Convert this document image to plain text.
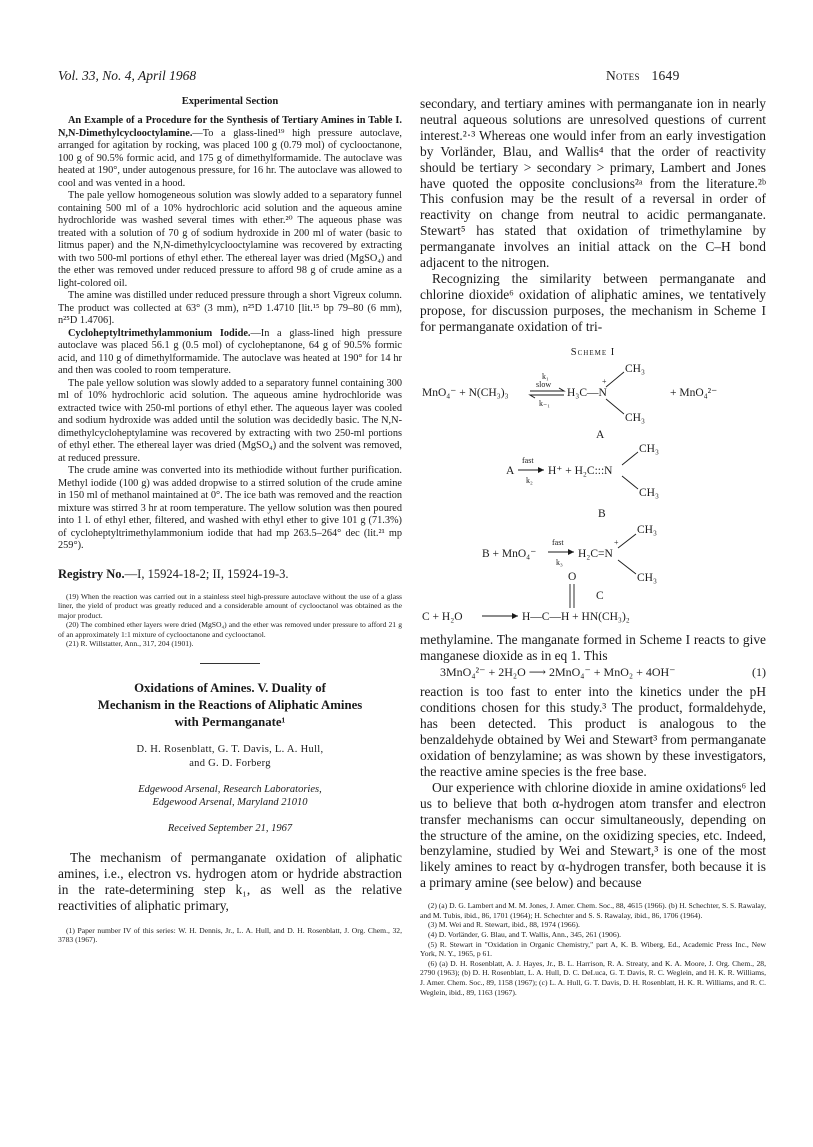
Vol. 33, No. 4, April 1968	Notes 1649
Experimental Section

An Example of a Procedure for the Synthesis of Tertiary Amines in Table I. N,N-Dimethylcyclooctylamine.—To a glass-lined¹⁹ high pressure autoclave, arranged for agitation by rocking, was placed 100 g (0.79 mol) of cyclooctanone, 100 g of 90.5% formic acid, and 175 g of dimethylformamide. The autoclave was heated at 190°, under autogenous pressure, for 16 hr. The autoclave was allowed to cool and was vented in a hood.

The pale yellow homogeneous solution was slowly added to a separatory funnel containing 500 ml of a 10% hydrochloric acid solution and the aqueous amine hydrochloride was washed several times with ether.²⁰ The aqueous phase was treated with a solution of 70 g of sodium hydroxide in 200 ml of water (basic to litmus paper) and the N,N-dimethylcyclooctylamine was recovered by extracting with two 500-ml portions of ethyl ether. The ethereal layer was dried (MgSO₄) and the ether was removed under reduced pressure to afford 98 g of crude amine as a light-colored oil.

The amine was distilled under reduced pressure through a short Vigreux column. The product was collected at 63° (3 mm), n²⁵D 1.4710 [lit.¹⁵ bp 79–80 (6 mm), n²⁵D 1.4706].

Cycloheptyltrimethylammonium Iodide.—In a glass-lined high pressure autoclave was placed 56.1 g (0.5 mol) of cycloheptanone, 64 g of 90.5% formic acid, and 110 g of dimethylformamide. The autoclave was heated at 190° for 14 hr and then was cooled to room temperature.

The pale yellow solution was slowly added to a separatory funnel containing 300 ml of 10% hydrochloric acid solution. The aqueous amine hydrochloride was extracted twice with 250-ml portions of ethyl ether. The aqueous layer was cooled and sodium hydroxide was added until the solution was decidedly basic. The N,N-dimethylcycloheptylamine was recovered by extracting with two 250-ml portions of ethyl ether. The ethereal layer was dried (MgSO₄) and the solvent was removed, at reduced pressure.

The crude amine was converted into its methiodide without further purification. Methyl iodide (100 g) was added dropwise to a stirred solution of the crude amine in 150 ml of methanol maintained at 0°. The ice bath was removed and the reaction mixture was stirred 3 hr at room temperature. The yellow solution was then poured into 1 l. of ethyl ether, filtered, and washed with ethyl ether to give 101 g (71.3%) of cycloheptyltrimethylammonium iodide that had mp 263.5–264° dec (lit.²¹ mp 259°).

Registry No.—I, 15924-18-2; II, 15924-19-3.

(19) When the reaction was carried out in a stainless steel high-pressure autoclave without the use of a glass liner, the yield of product was greatly reduced and a considerable amount of cyclooctanol was obtained as the major product.

(20) The combined ether layers were dried (MgSO₄) and the ether was removed under pressure to afford 21 g of an approximately 1:1 mixture of cyclooctanone and cyclooctanol.

(21) R. Willstatter, Ann., 317, 204 (1901).

Oxidations of Amines. V. Duality of
Mechanism in the Reactions of Aliphatic Amines
with Permanganate¹
D. H. Rosenblatt, G. T. Davis, L. A. Hull,
and G. D. Forberg
Edgewood Arsenal, Research Laboratories,
Edgewood Arsenal, Maryland 21010
Received September 21, 1967

The mechanism of permanganate oxidation of aliphatic amines, i.e., electron vs. hydrogen atom or hydride abstraction in the rate-determining step k₁, as well as the relative reactivities of aliphatic primary,

(1) Paper number IV of this series: W. H. Dennis, Jr., L. A. Hull, and D. H. Rosenblatt, J. Org. Chem., 32, 3783 (1967).

secondary, and tertiary amines with permanganate ion in nearly neutral aqueous solutions are unresolved questions of current interest.²·³ Whereas one would infer from an early investigation by Vorländer, Blau, and Wallis⁴ that the order of reactivity should be tertiary > secondary > primary, Lambert and Jones have quoted the opposite conclusions²ᵃ from the literature.²ᵇ This confusion may be the result of a reversal in order of reactivity on change from neutral to acidic permanganate. Stewart⁵ has stated that oxidation of trimethylamine by permanganate involves an initial attack on the C–H bond adjacent to the nitrogen.

Recognizing the similarity between permanganate and chlorine dioxide⁶ oxidation of aliphatic amines, we tentatively propose, for discussion purposes, the mechanism in Scheme I for permanganate oxidation of tri-

Scheme I
MnO₄⁻ + N(CH₃)₃
k₁
slow
k₋₁
H₃C—N
+
CH₃
CH₃
+ MnO₄²⁻
A
A
fast
k₂
H⁺ + H₂C:::N
CH₃
CH₃
B
B + MnO₄⁻
fast
k₃
H₂C=N
+
CH₃
CH₃
C
O
C + H₂O	H—C—H + HN(CH₃)₂

methylamine. The manganate formed in Scheme I reacts to give manganese dioxide as in eq 1. This

3MnO₄²⁻ + 2H₂O ⟶ 2MnO₄⁻ + MnO₂ + 4OH⁻	(1)

reaction is too fast to enter into the kinetics under the pH conditions chosen for this study.³ The product, formaldehyde, has been detected. This product is analogous to the benzaldehyde obtained by Wei and Stewart³ from permanganate oxidation of benzylamine; as was shown by these investigators, the reactive amine species is the free base.

Our experience with chlorine dioxide in amine oxidations⁶ led us to believe that both α-hydrogen atom transfer and electron transfer mechanisms can occur simultaneously, depending on the structure of the amine, on the oxidizing species, etc. Indeed, benzylamine, studied by Wei and Stewart,³ is one of the most likely amines to react by α-hydrogen transfer, both because it is a primary amine (see below) and because

(2) (a) D. G. Lambert and M. M. Jones, J. Amer. Chem. Soc., 88, 4615 (1966). (b) H. Schechter, S. S. Rawalay, and M. Tubis, ibid., 86, 1701 (1964); H. Schechter and S. S. Rawalay, ibid., 86, 1706 (1964).

(3) M. Wei and R. Stewart, ibid., 88, 1974 (1966).

(4) D. Vorländer, G. Blau, and T. Wallis, Ann., 345, 261 (1906).

(5) R. Stewart in "Oxidation in Organic Chemistry," part A, K. B. Wiberg, Ed., Academic Press Inc., New York, N. Y., 1965, p 61.

(6) (a) D. H. Rosenblatt, A. J. Hayes, Jr., B. L. Harrison, R. A. Streaty, and K. A. Moore, J. Org. Chem., 28, 2790 (1963); (b) D. H. Rosenblatt, L. A. Hull, D. C. DeLuca, G. T. Davis, R. C. Weglein, and H. K. R. Williams, J. Amer. Chem. Soc., 89, 1158 (1967); (c) L. A. Hull, G. T. Davis, D. H. Rosenblatt, H. K. R. Williams, and R. C. Weglein, ibid., 89, 1163 (1967).
